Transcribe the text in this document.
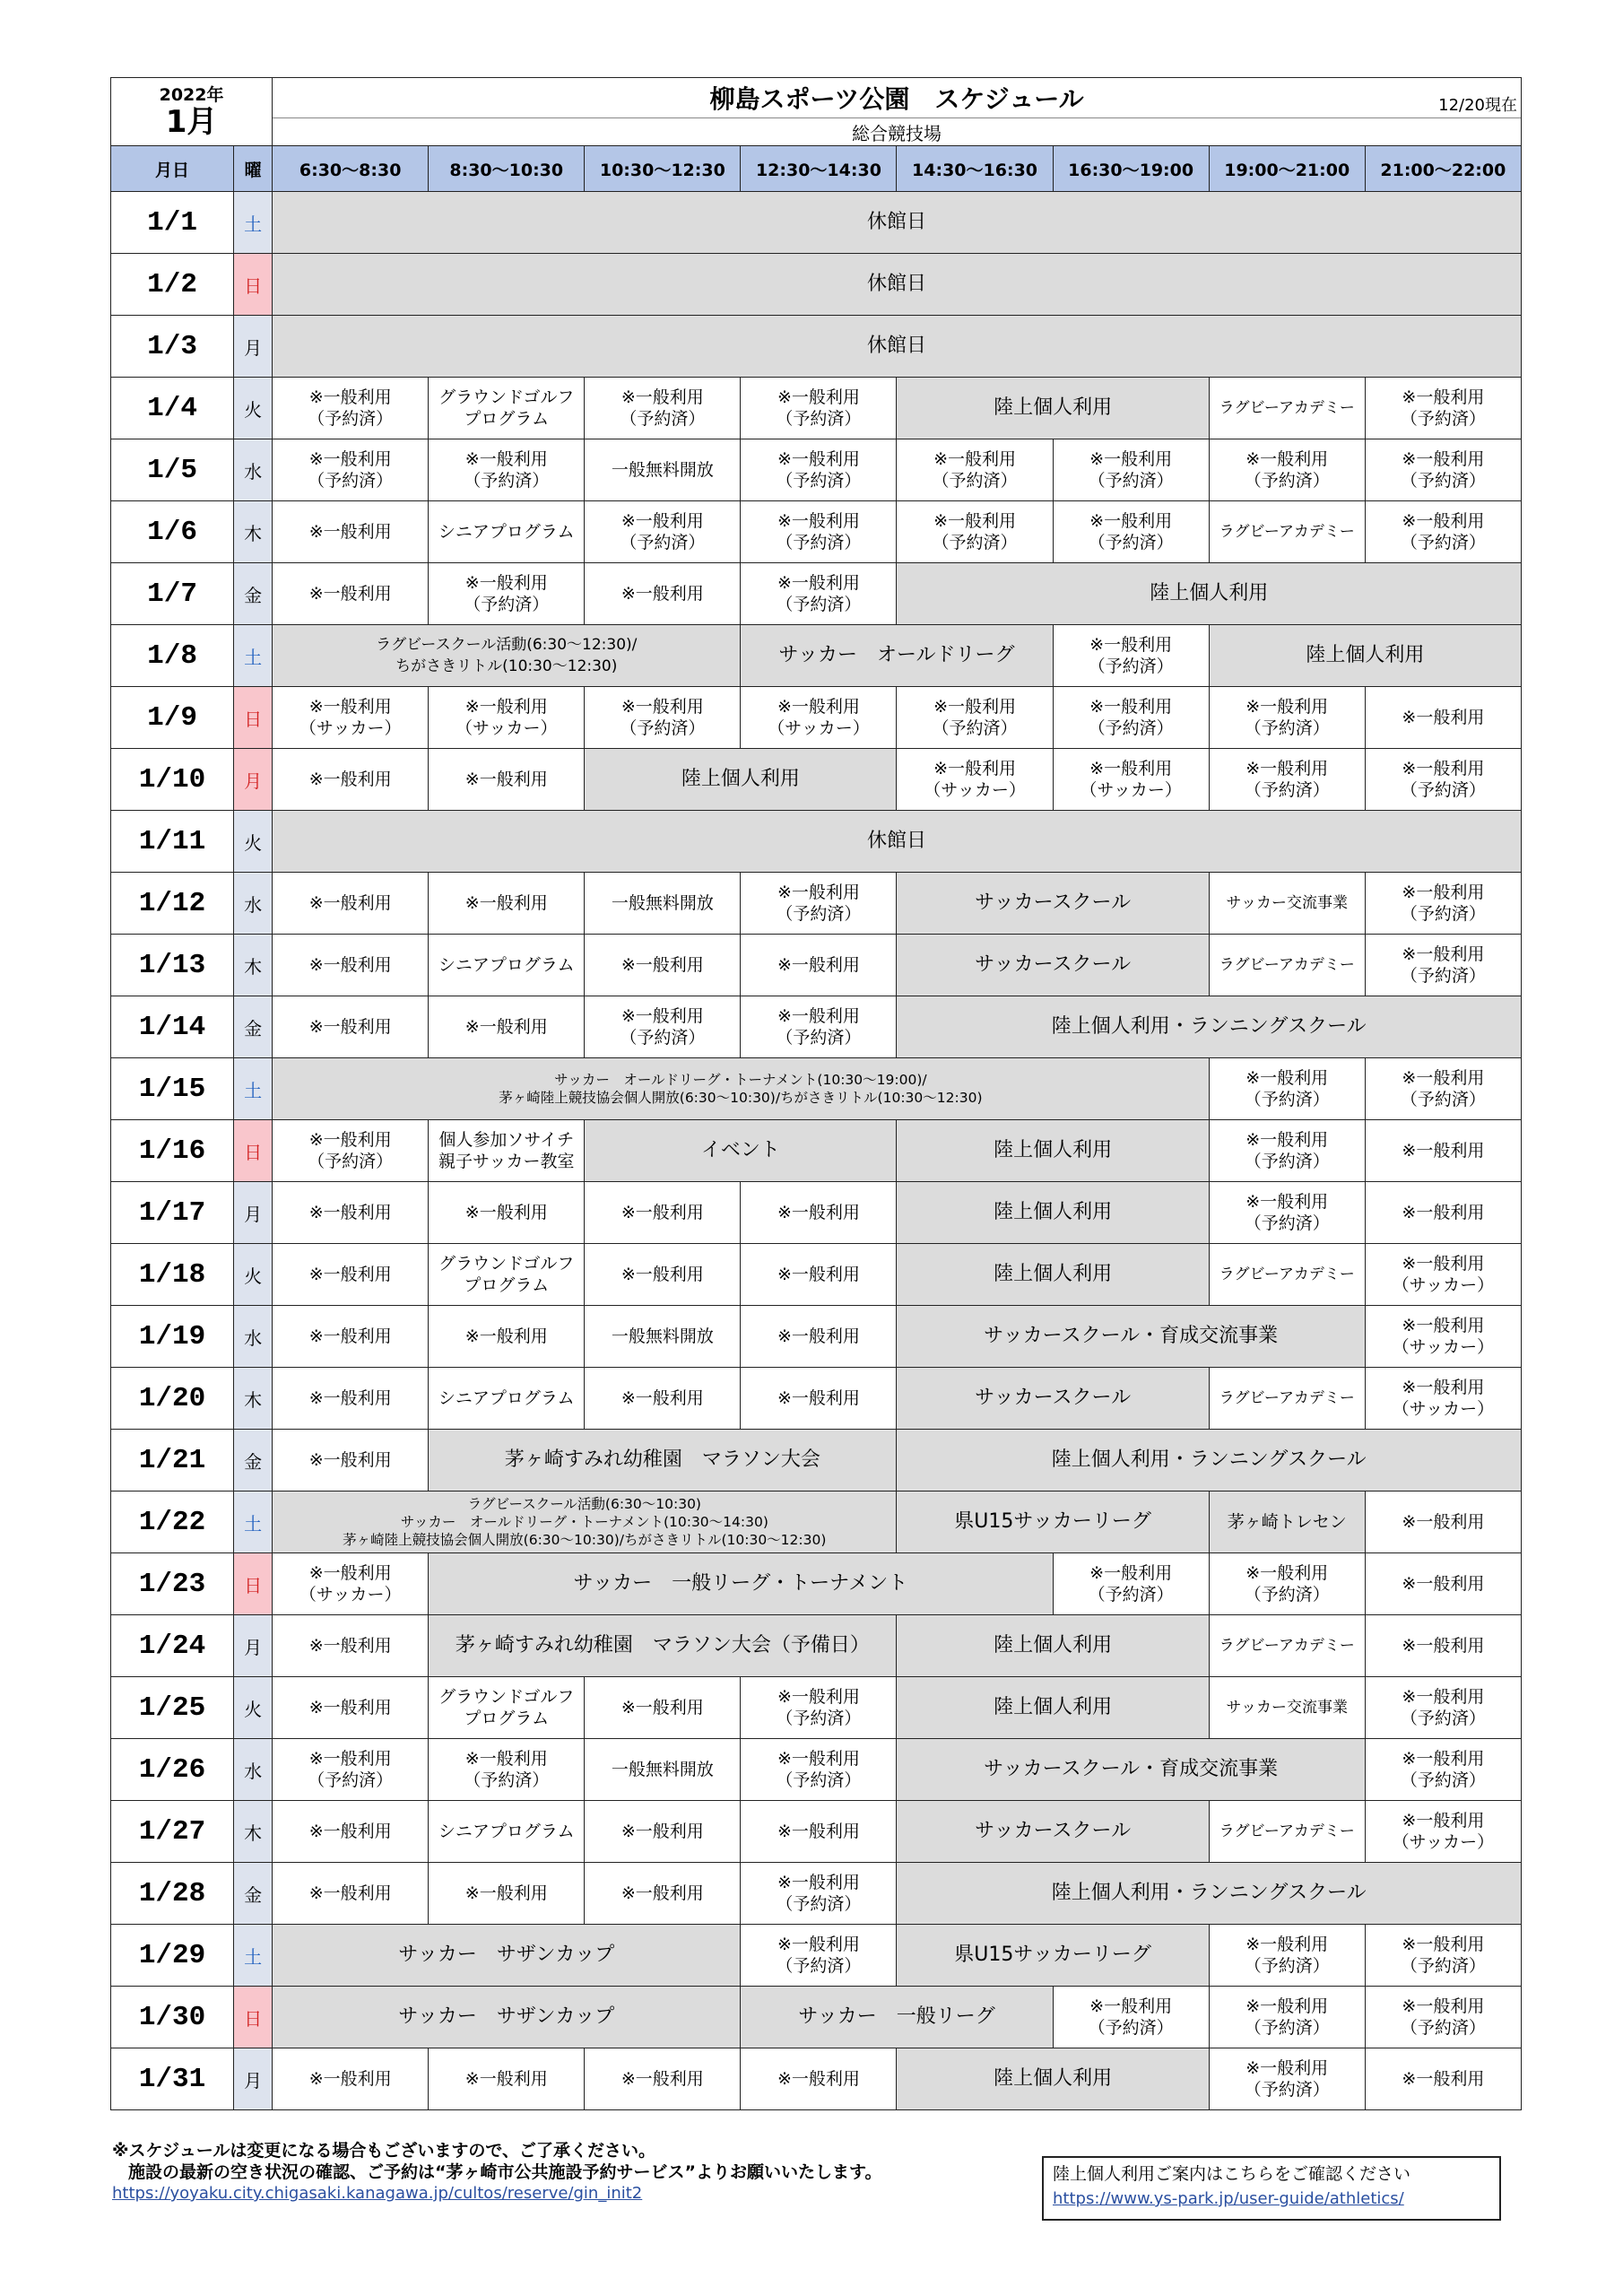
2022年
1月		柳島スポーツ公園　スケジュール 12/20現在							

		総合競技場							
月日	曜	6:30～8:30	8:30～10:30	10:30～12:30	12:30～14:30	14:30～16:30	16:30～19:00	19:00～21:00	21:00～22:00
1/1	土	休館日							
1/2	日	休館日							
1/3	月	休館日							
1/4	火	※一般利用
（予約済）	グラウンドゴルフ
プログラム	※一般利用
（予約済）	※一般利用
（予約済）	陸上個人利用		ラグビーアカデミー	※一般利用
（予約済）
1/5	水	※一般利用
（予約済）	※一般利用
（予約済）	一般無料開放	※一般利用
（予約済）	※一般利用
（予約済）	※一般利用
（予約済）	※一般利用
（予約済）	※一般利用
（予約済）
1/6	木	※一般利用	シニアプログラム	※一般利用
（予約済）	※一般利用
（予約済）	※一般利用
（予約済）	※一般利用
（予約済）	ラグビーアカデミー	※一般利用
（予約済）
1/7	金	※一般利用	※一般利用
（予約済）	※一般利用	※一般利用
（予約済）	陸上個人利用			
1/8	土	ラグビースクール活動(6:30～12:30)/
ちがさきリトル(10:30～12:30)			サッカー　オールドリーグ		※一般利用
（予約済）	陸上個人利用	
1/9	日	※一般利用
（サッカー）	※一般利用
（サッカー）	※一般利用
（予約済）	※一般利用
（サッカー）	※一般利用
（予約済）	※一般利用
（予約済）	※一般利用
（予約済）	※一般利用
1/10	月	※一般利用	※一般利用	陸上個人利用		※一般利用
（サッカー）	※一般利用
（サッカー）	※一般利用
（予約済）	※一般利用
（予約済）
1/11	火	休館日							
1/12	水	※一般利用	※一般利用	一般無料開放	※一般利用
（予約済）	サッカースクール		サッカー交流事業	※一般利用
（予約済）
1/13	木	※一般利用	シニアプログラム	※一般利用	※一般利用	サッカースクール		ラグビーアカデミー	※一般利用
（予約済）
1/14	金	※一般利用	※一般利用	※一般利用
（予約済）	※一般利用
（予約済）	陸上個人利用・ランニングスクール			
1/15	土	サッカー　オールドリーグ・トーナメント(10:30～19:00)/
茅ヶ崎陸上競技協会個人開放(6:30～10:30)/ちがさきリトル(10:30～12:30)						※一般利用
（予約済）	※一般利用
（予約済）
1/16	日	※一般利用
（予約済）	個人参加ソサイチ
親子サッカー教室	イベント		陸上個人利用		※一般利用
（予約済）	※一般利用
1/17	月	※一般利用	※一般利用	※一般利用	※一般利用	陸上個人利用		※一般利用
（予約済）	※一般利用
1/18	火	※一般利用	グラウンドゴルフ
プログラム	※一般利用	※一般利用	陸上個人利用		ラグビーアカデミー	※一般利用
（サッカー）
1/19	水	※一般利用	※一般利用	一般無料開放	※一般利用	サッカースクール・育成交流事業			※一般利用
（サッカー）
1/20	木	※一般利用	シニアプログラム	※一般利用	※一般利用	サッカースクール		ラグビーアカデミー	※一般利用
（サッカー）
1/21	金	※一般利用	茅ヶ崎すみれ幼稚園　マラソン大会			陸上個人利用・ランニングスクール			
1/22	土	ラグビースクール活動(6:30～10:30)
サッカー　オールドリーグ・トーナメント(10:30～14:30)
茅ヶ崎陸上競技協会個人開放(6:30～10:30)/ちがさきリトル(10:30～12:30)				県U15サッカーリーグ		茅ヶ崎トレセン	※一般利用
1/23	日	※一般利用
（サッカー）	サッカー　一般リーグ・トーナメント				※一般利用
（予約済）	※一般利用
（予約済）	※一般利用
1/24	月	※一般利用	茅ヶ崎すみれ幼稚園　マラソン大会（予備日）			陸上個人利用		ラグビーアカデミー	※一般利用
1/25	火	※一般利用	グラウンドゴルフ
プログラム	※一般利用	※一般利用
（予約済）	陸上個人利用		サッカー交流事業	※一般利用
（予約済）
1/26	水	※一般利用
（予約済）	※一般利用
（予約済）	一般無料開放	※一般利用
（予約済）	サッカースクール・育成交流事業			※一般利用
（予約済）
1/27	木	※一般利用	シニアプログラム	※一般利用	※一般利用	サッカースクール		ラグビーアカデミー	※一般利用
（サッカー）
1/28	金	※一般利用	※一般利用	※一般利用	※一般利用
（予約済）	陸上個人利用・ランニングスクール			
1/29	土	サッカー　サザンカップ			※一般利用
（予約済）	県U15サッカーリーグ		※一般利用
（予約済）	※一般利用
（予約済）
1/30	日	サッカー　サザンカップ			サッカー　一般リーグ		※一般利用
（予約済）	※一般利用
（予約済）	※一般利用
（予約済）
1/31	月	※一般利用	※一般利用	※一般利用	※一般利用	陸上個人利用		※一般利用
（予約済）	※一般利用
※スケジュールは変更になる場合もございますので、ご了承ください。
施設の最新の空き状況の確認、ご予約は“茅ヶ崎市公共施設予約サービス”よりお願いいたします。
https://yoyaku.city.chigasaki.kanagawa.jp/cultos/reserve/gin_init2
陸上個人利用ご案内はこちらをご確認ください
https://www.ys-park.jp/user-guide/athletics/
